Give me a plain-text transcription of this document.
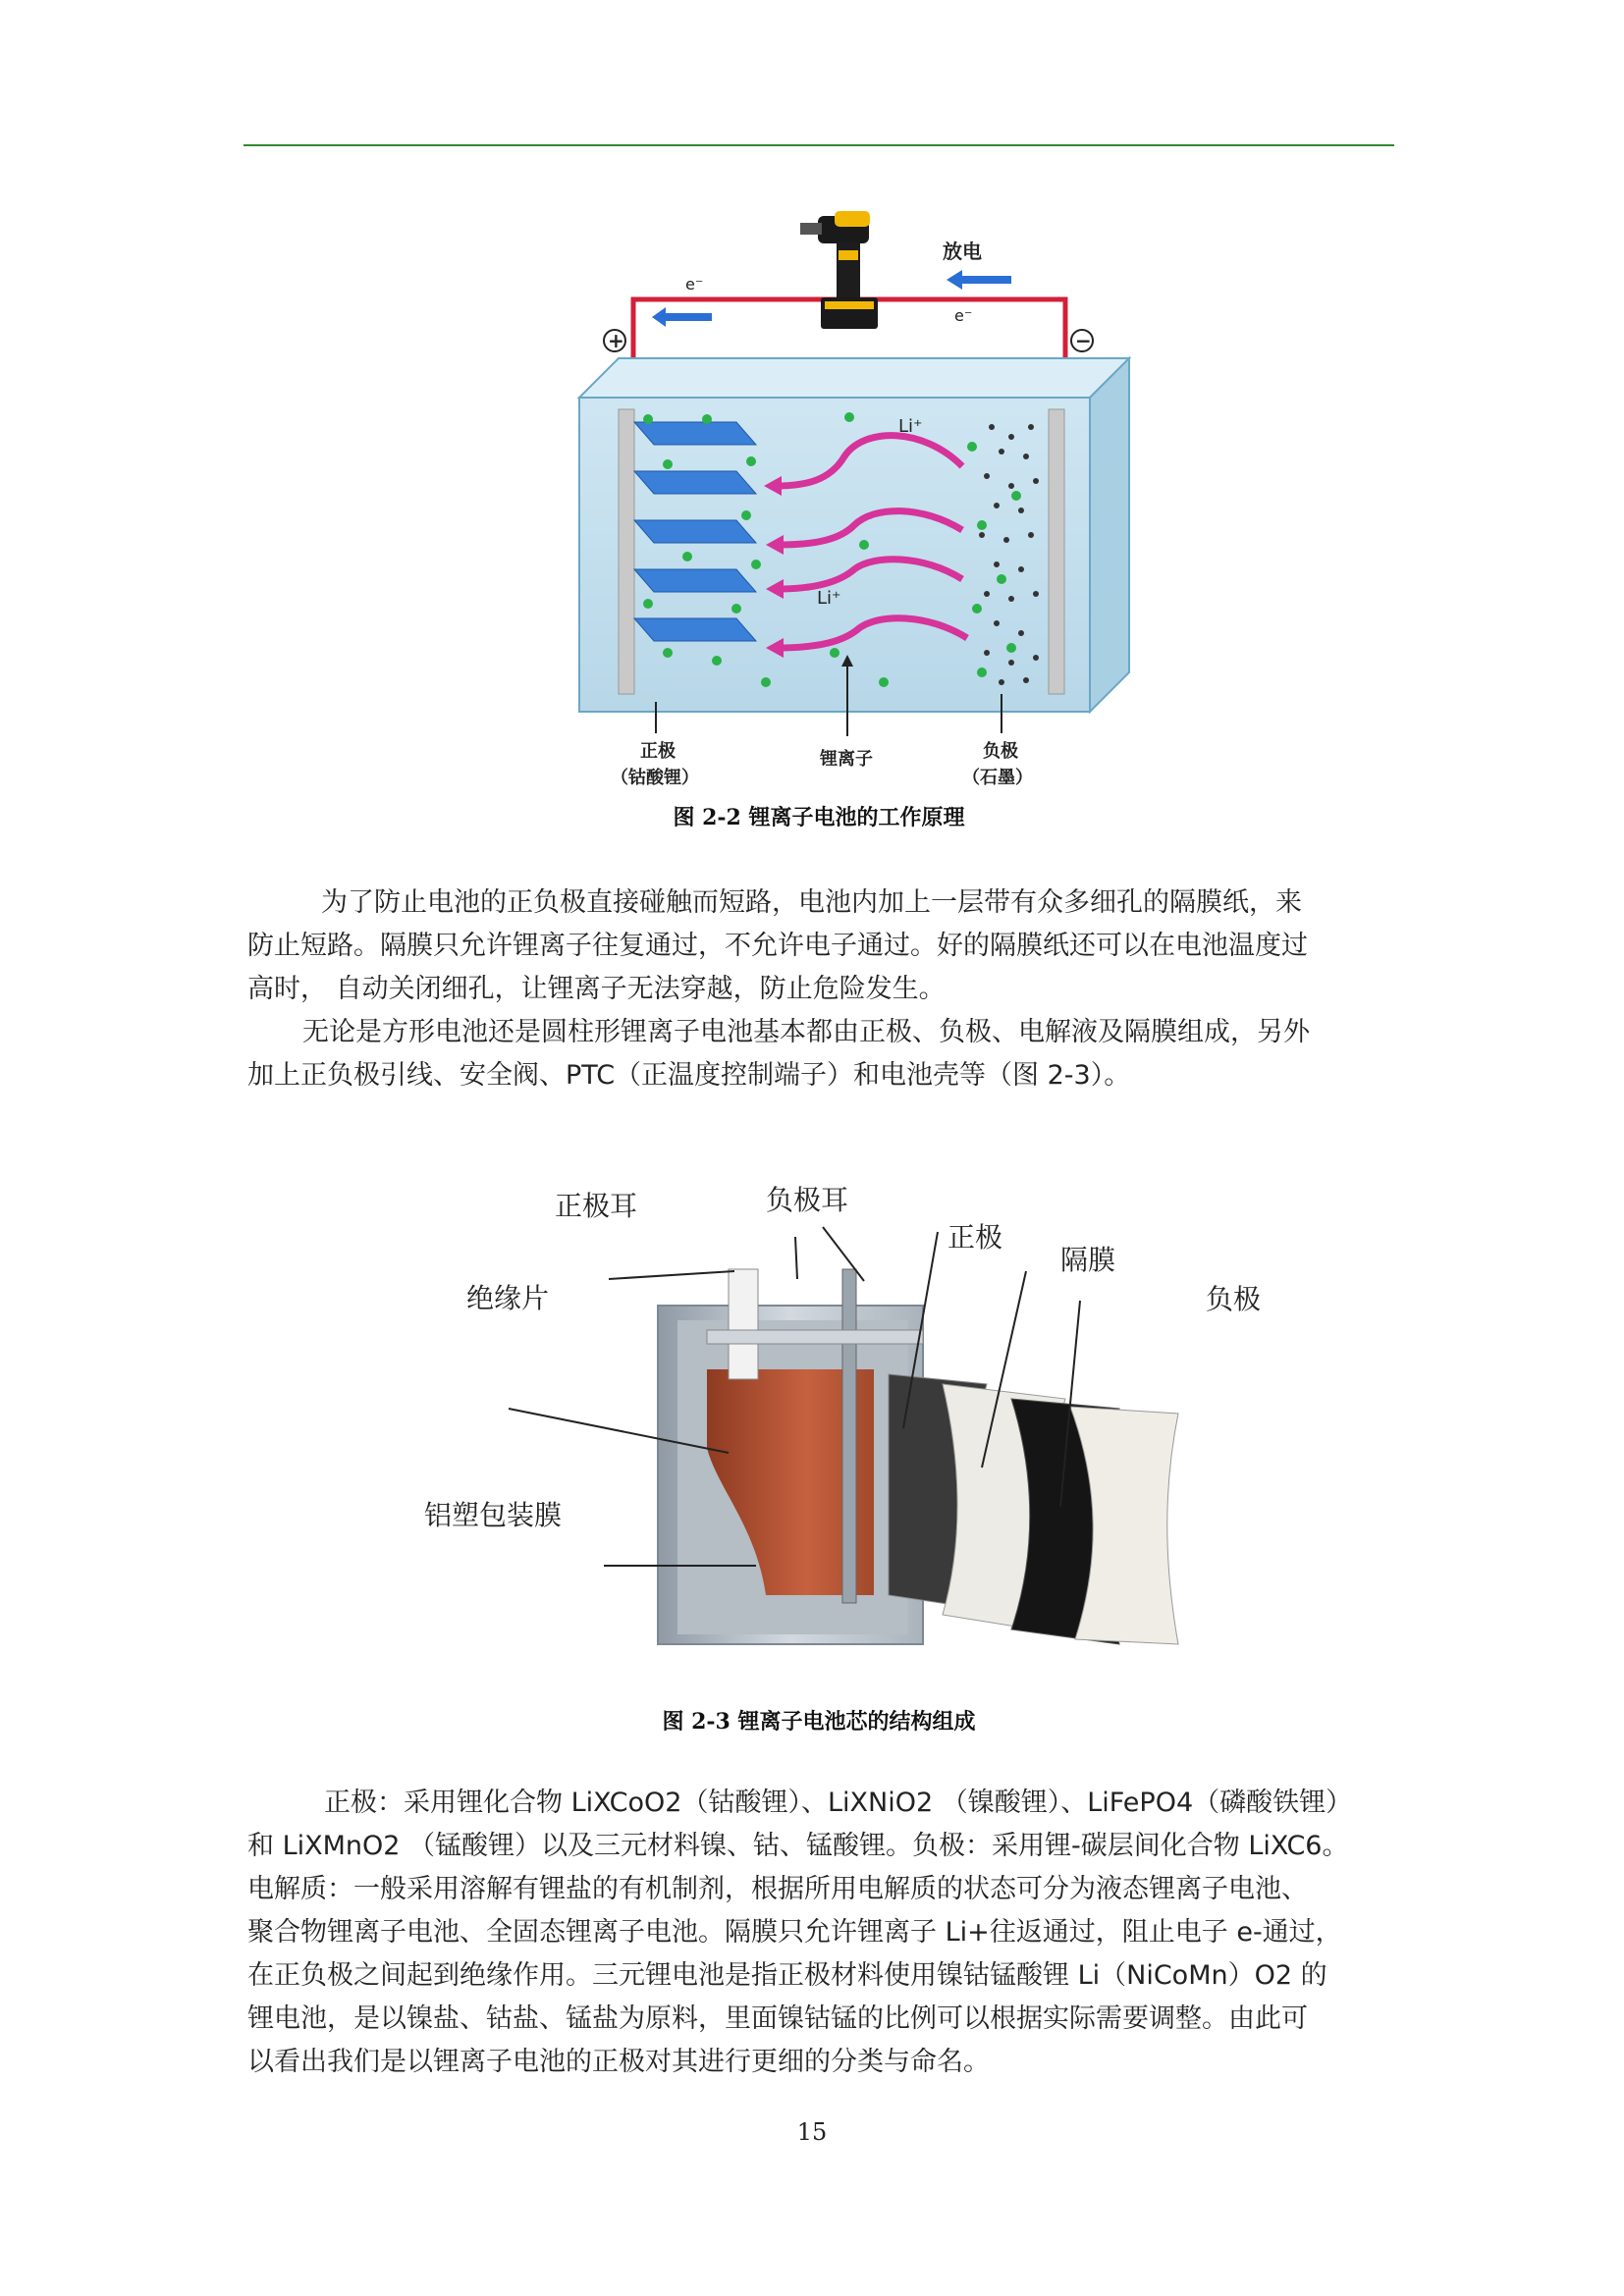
e⁻
放电
e⁻
+	−
Li⁺
Li⁺
正极
（钴酸锂）
锂离子	负极
（石墨）
图 2-2 锂离子电池的工作原理
为了防止电池的正负极直接碰触而短路，电池内加上一层带有众多细孔的隔膜纸，来
防止短路。隔膜只允许锂离子往复通过，不允许电子通过。好的隔膜纸还可以在电池温度过
高时， 自动关闭细孔，让锂离子无法穿越，防止危险发生。
无论是方形电池还是圆柱形锂离子电池基本都由正极、负极、电解液及隔膜组成，另外
加上正负极引线、安全阀、PTC（正温度控制端子）和电池壳等（图 2-3）。
正极耳	负极耳
正极
隔膜
负极
绝缘片
铝塑包装膜
图 2-3 锂离子电池芯的结构组成
正极：采用锂化合物 LiXCoO2（钴酸锂）、LiXNiO2 （镍酸锂）、LiFePO4（磷酸铁锂）
和 LiXMnO2 （锰酸锂）以及三元材料镍、钴、锰酸锂。负极：采用锂-碳层间化合物 LiXC6。
电解质：一般采用溶解有锂盐的有机制剂，根据所用电解质的状态可分为液态锂离子电池、
聚合物锂离子电池、全固态锂离子电池。隔膜只允许锂离子 Li+往返通过，阻止电子 e-通过，
在正负极之间起到绝缘作用。三元锂电池是指正极材料使用镍钴锰酸锂 Li（NiCoMn）O2 的
锂电池，是以镍盐、钴盐、锰盐为原料，里面镍钴锰的比例可以根据实际需要调整。由此可
以看出我们是以锂离子电池的正极对其进行更细的分类与命名。
15
